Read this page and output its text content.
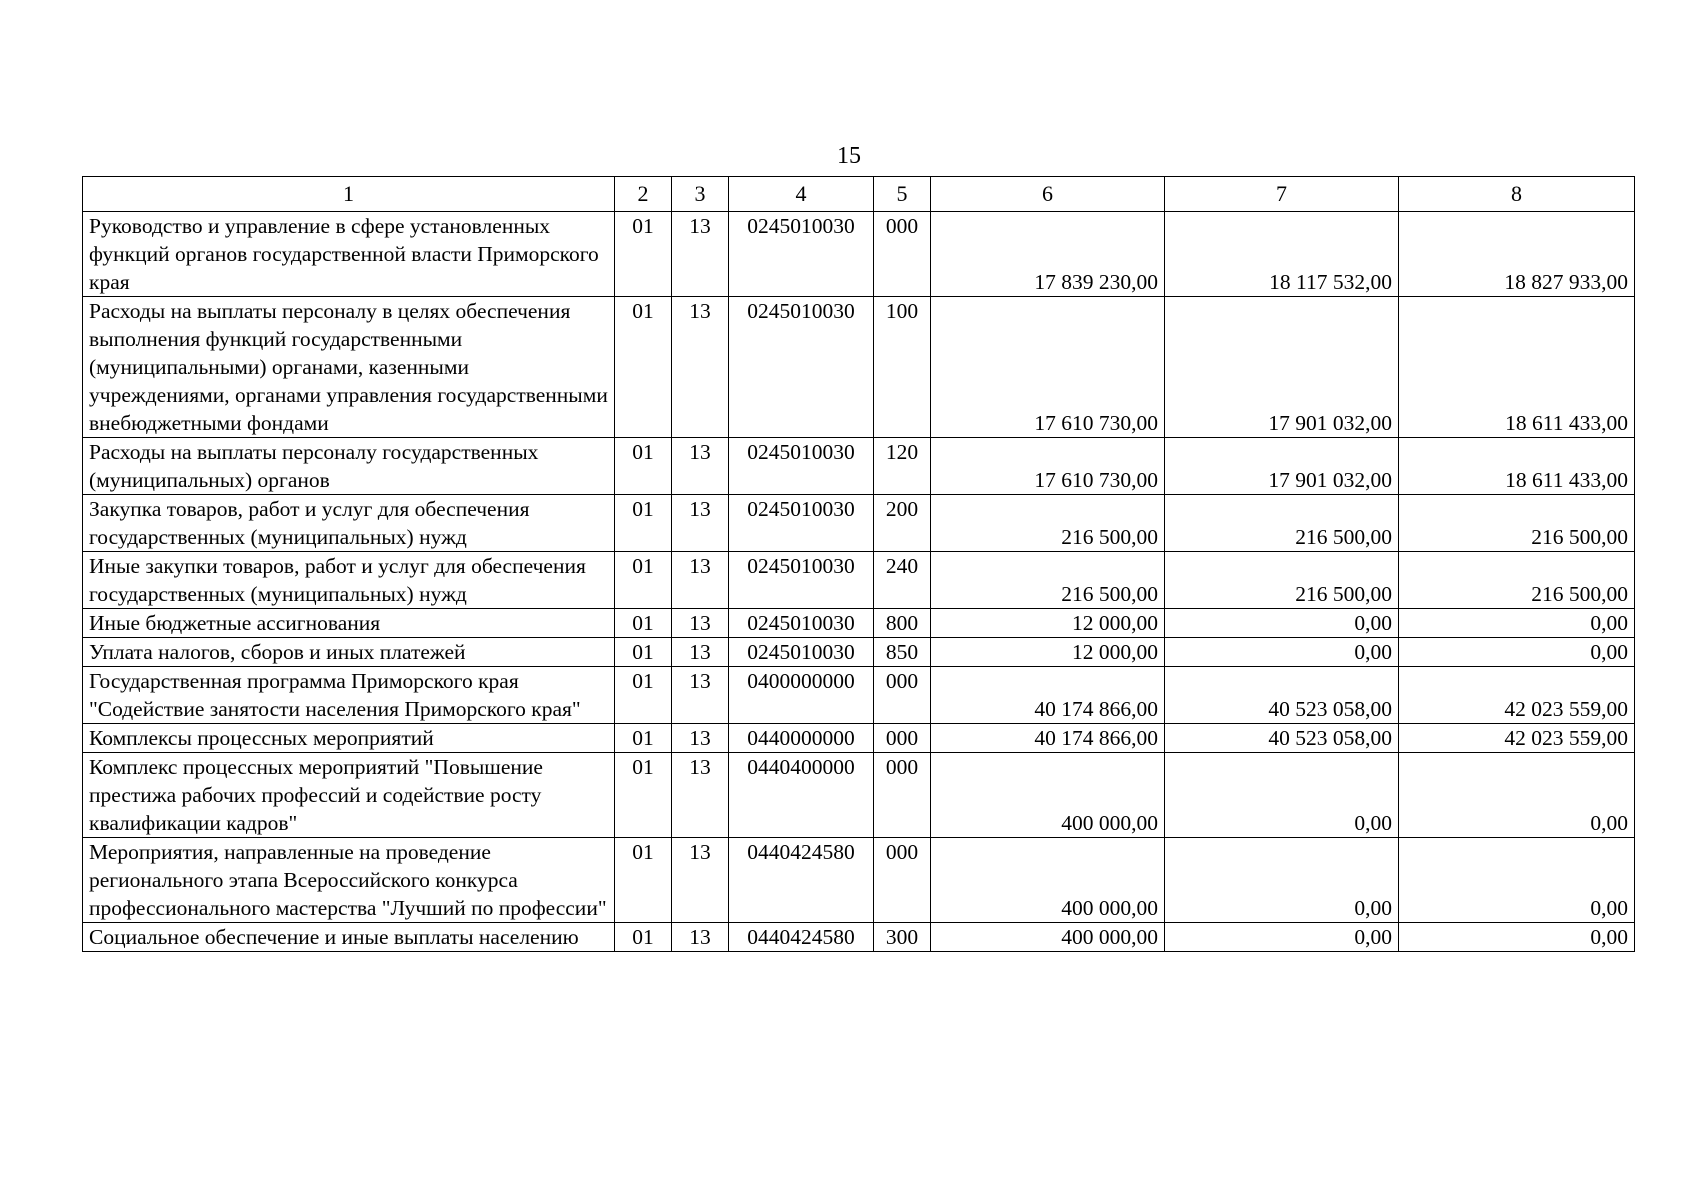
15
1	2	3	4	5	6	7	8
Руководство и управление в сфере установленных функций органов государственной власти Приморского края	01	13	0245010030	000	17 839 230,00	18 117 532,00	18 827 933,00
Расходы на выплаты персоналу в целях обеспечения выполнения функций государственными (муниципальными) органами, казенными учреждениями, органами управления государственными внебюджетными фондами	01	13	0245010030	100	17 610 730,00	17 901 032,00	18 611 433,00
Расходы на выплаты персоналу государственных (муниципальных) органов	01	13	0245010030	120	17 610 730,00	17 901 032,00	18 611 433,00
Закупка товаров, работ и услуг для обеспечения государственных (муниципальных) нужд	01	13	0245010030	200	216 500,00	216 500,00	216 500,00
Иные закупки товаров, работ и услуг для обеспечения государственных (муниципальных) нужд	01	13	0245010030	240	216 500,00	216 500,00	216 500,00
Иные бюджетные ассигнования	01	13	0245010030	800	12 000,00	0,00	0,00
Уплата налогов, сборов и иных платежей	01	13	0245010030	850	12 000,00	0,00	0,00
Государственная программа Приморского края "Содействие занятости населения Приморского края"	01	13	0400000000	000	40 174 866,00	40 523 058,00	42 023 559,00
Комплексы процессных мероприятий	01	13	0440000000	000	40 174 866,00	40 523 058,00	42 023 559,00
Комплекс процессных мероприятий "Повышение престижа рабочих профессий и содействие росту квалификации кадров"	01	13	0440400000	000	400 000,00	0,00	0,00
Мероприятия, направленные на проведение регионального этапа Всероссийского конкурса профессионального мастерства "Лучший по профессии"	01	13	0440424580	000	400 000,00	0,00	0,00
Социальное обеспечение и иные выплаты населению	01	13	0440424580	300	400 000,00	0,00	0,00
